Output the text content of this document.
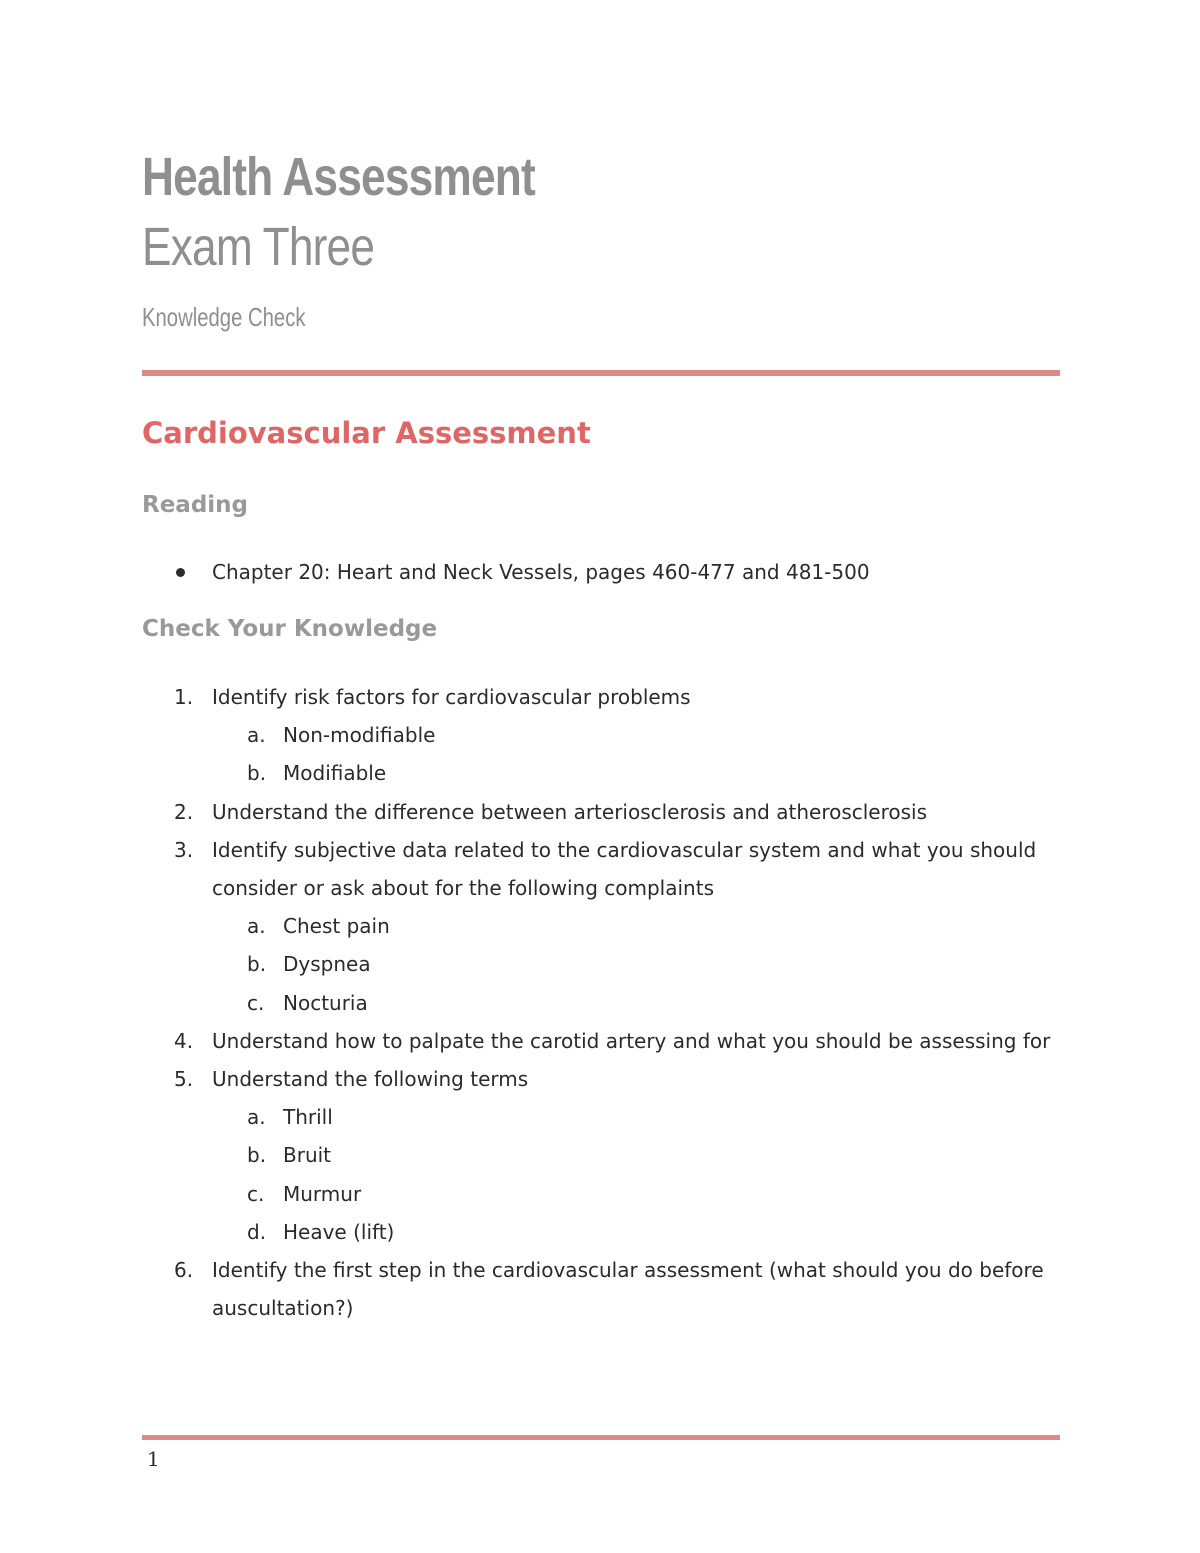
Health Assessment
Exam Three

Knowledge Check

Cardiovascular Assessment
Reading
Chapter 20: Heart and Neck Vessels, pages 460-477 and 481-500
Check Your Knowledge
1. Identify risk factors for cardiovascular problems
a. Non-modifiable
b. Modifiable
2. Understand the difference between arteriosclerosis and atherosclerosis
3. Identify subjective data related to the cardiovascular system and what you should
consider or ask about for the following complaints
a. Chest pain
b. Dyspnea
c. Nocturia
4. Understand how to palpate the carotid artery and what you should be assessing for
5. Understand the following terms
a. Thrill
b. Bruit
c. Murmur
d. Heave (lift)
6. Identify the first step in the cardiovascular assessment (what should you do before
auscultation?)

1
